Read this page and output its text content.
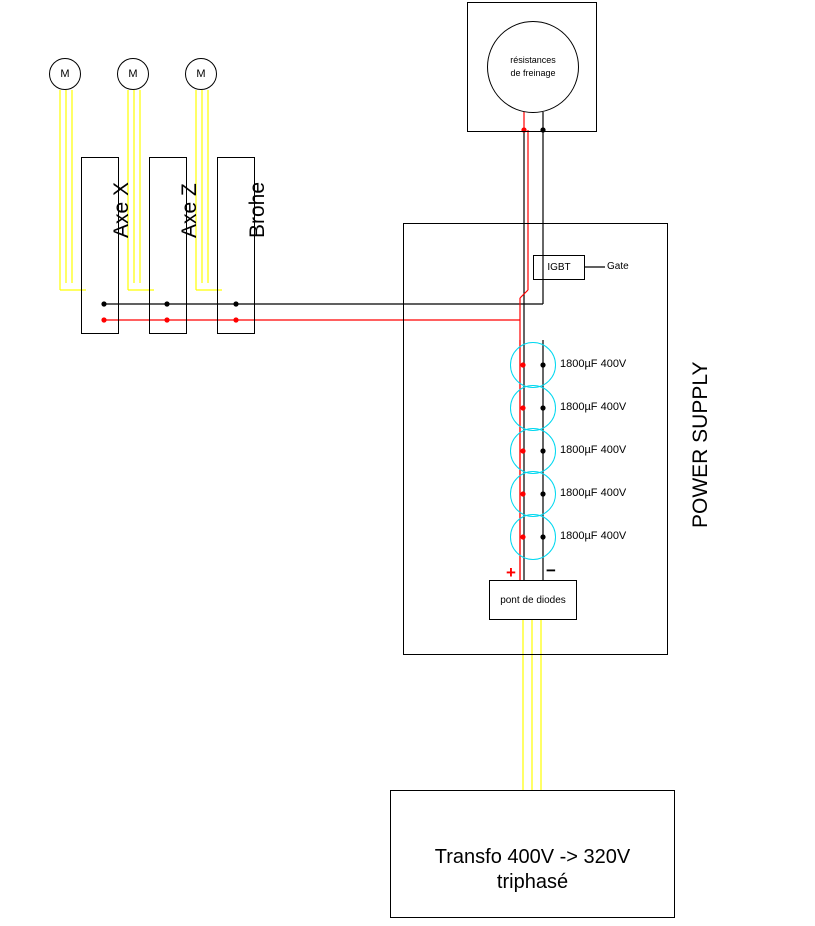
M	M	M
Axe X Axe Z Brohe
résistances
de freinage
POWER SUPPLY
IGBT	Gate
1800µF 400V
1800µF 400V
1800µF 400V
1800µF 400V
1800µF 400V
+ −
pont de diodes
Transfo 400V -> 320V
triphasé
